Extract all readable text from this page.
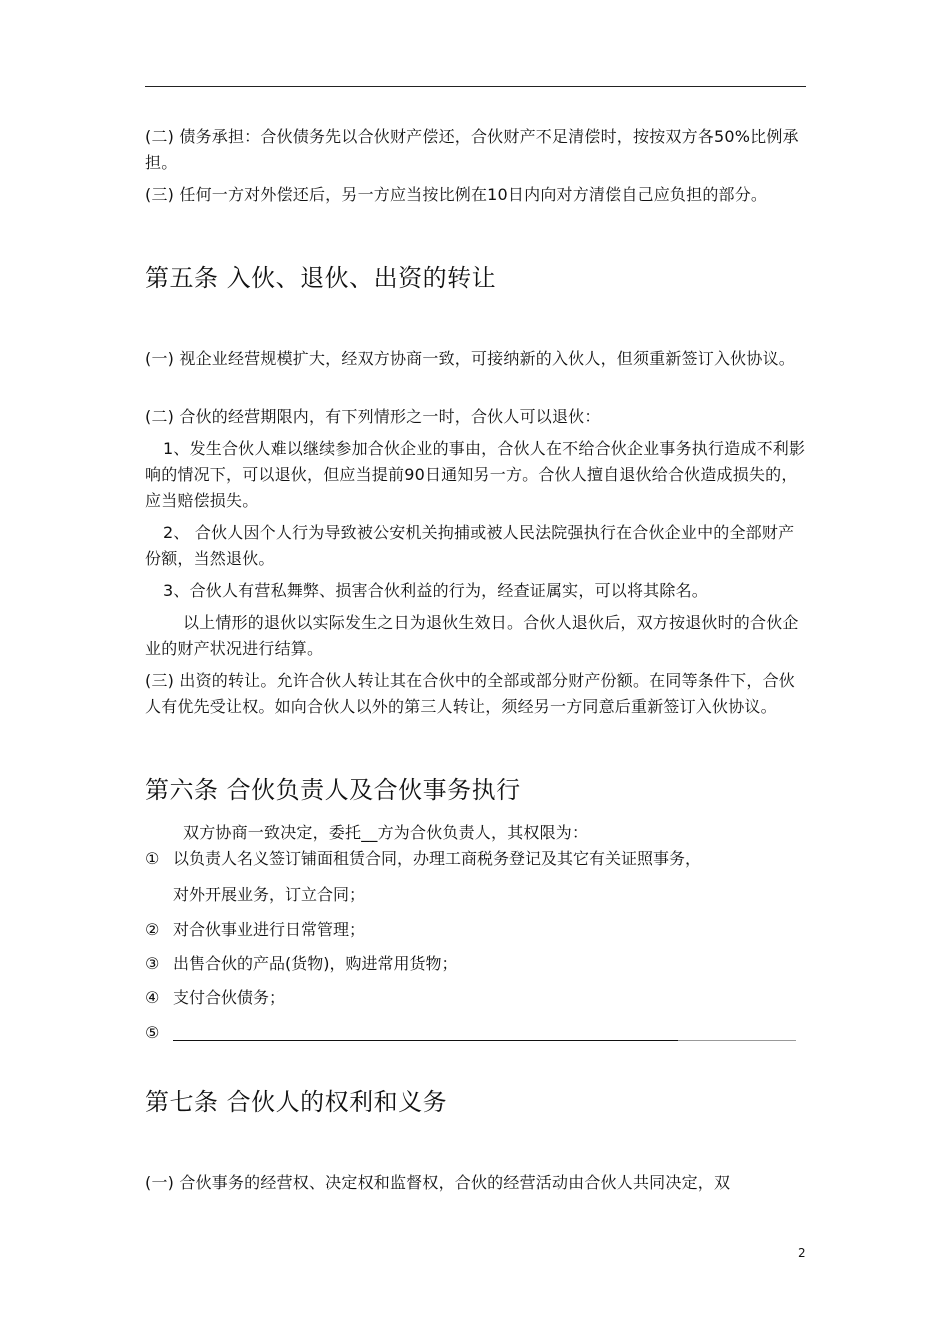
(二) 债务承担：合伙债务先以合伙财产偿还，合伙财产不足清偿时，按按双方各50%比例承担。

(三) 任何一方对外偿还后，另一方应当按比例在10日内向对方清偿自己应负担的部分。

第五条 入伙、退伙、出资的转让

(一) 视企业经营规模扩大，经双方协商一致，可接纳新的入伙人，但须重新签订入伙协议。

(二) 合伙的经营期限内，有下列情形之一时，合伙人可以退伙：

1、发生合伙人难以继续参加合伙企业的事由，合伙人在不给合伙企业事务执行造成不利影响的情况下，可以退伙，但应当提前90日通知另一方。合伙人擅自退伙给合伙造成损失的，应当赔偿损失。

2、 合伙人因个人行为导致被公安机关拘捕或被人民法院强执行在合伙企业中的全部财产份额，当然退伙。

3、合伙人有营私舞弊、损害合伙利益的行为，经查证属实，可以将其除名。

以上情形的退伙以实际发生之日为退伙生效日。合伙人退伙后，双方按退伙时的合伙企业的财产状况进行结算。

(三) 出资的转让。允许合伙人转让其在合伙中的全部或部分财产份额。在同等条件下，合伙人有优先受让权。如向合伙人以外的第三人转让，须经另一方同意后重新签订入伙协议。

第六条 合伙负责人及合伙事务执行

双方协商一致决定，委托__方为合伙负责人，其权限为：

① 以负责人名义签订铺面租赁合同，办理工商税务登记及其它有关证照事务，
对外开展业务，订立合同；
② 对合伙事业进行日常管理；
③ 出售合伙的产品(货物)，购进常用货物；
④ 支付合伙债务；
⑤
第七条 合伙人的权利和义务

(一) 合伙事务的经营权、决定权和监督权，合伙的经营活动由合伙人共同决定，双

2
